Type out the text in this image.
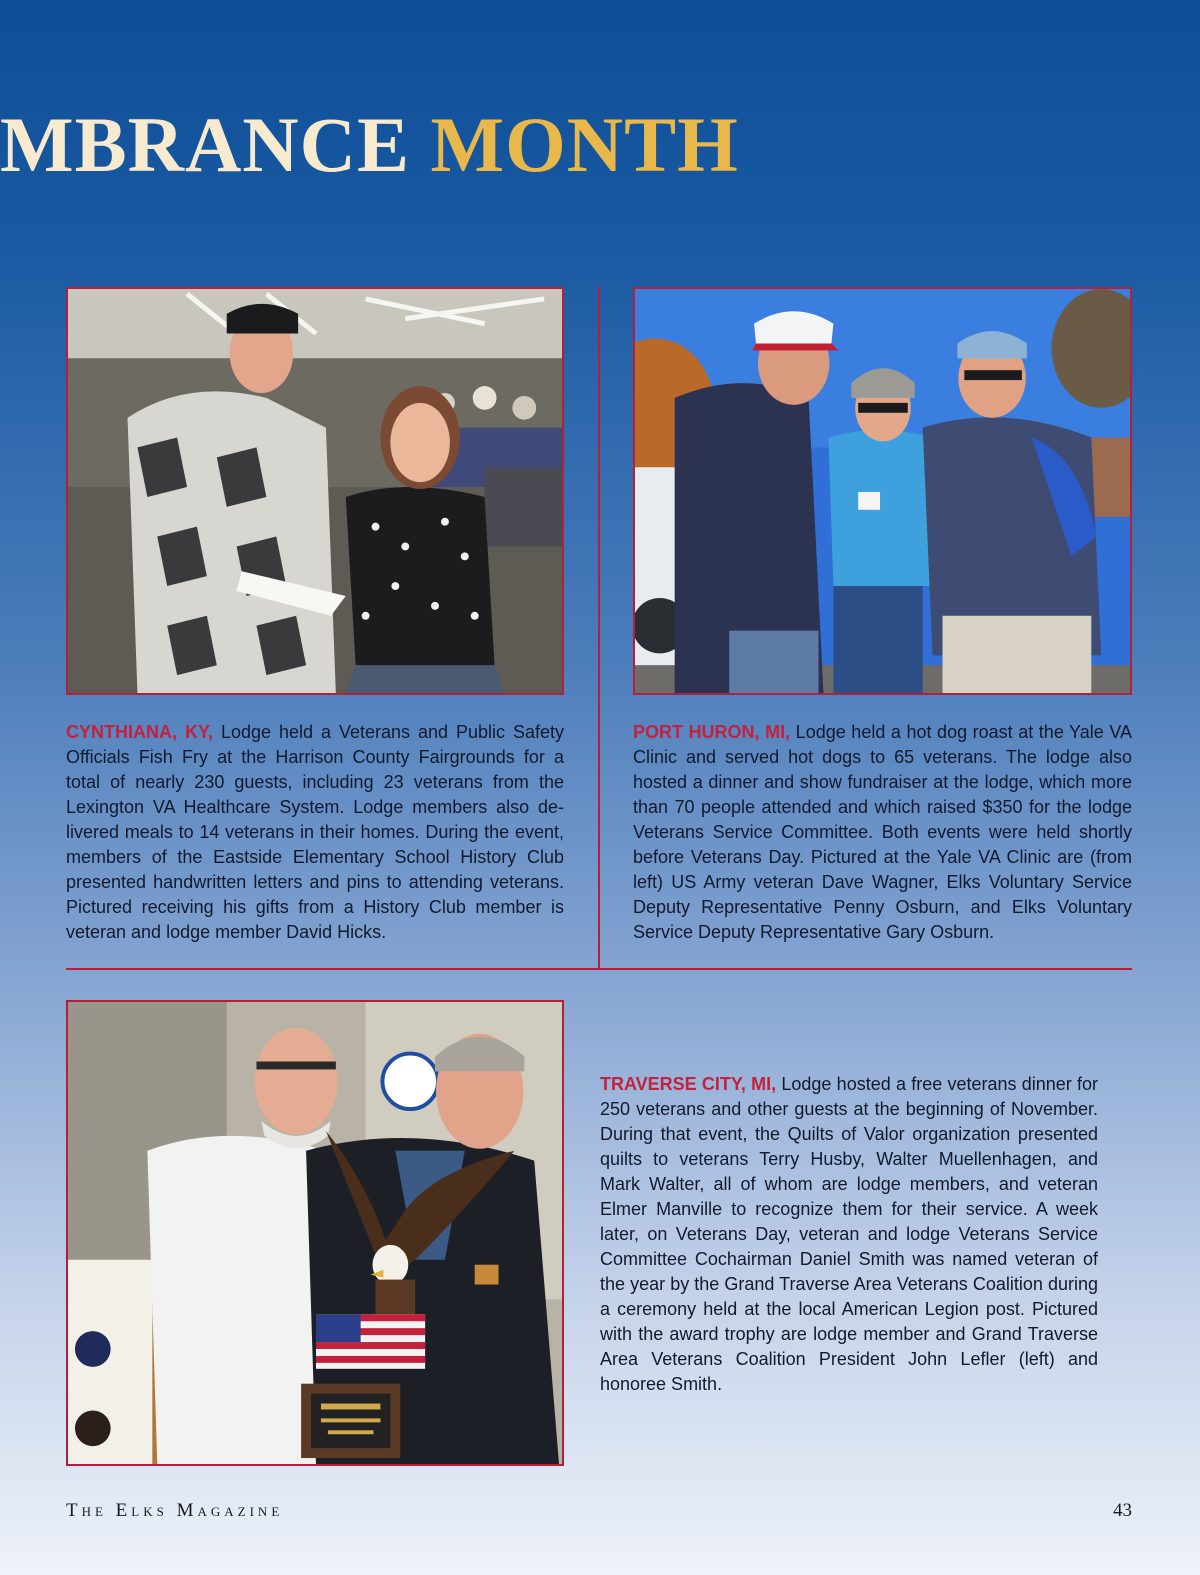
MBRANCE MONTH

CYNTHIANA, KY, Lodge held a Veterans and Public Safety Officials Fish Fry at the Harrison County Fairgrounds for a total of nearly 230 guests, including 23 veterans from the Lexington VA Healthcare System. Lodge members also delivered meals to 14 veterans in their homes. During the event, members of the Eastside Elementary School History Club presented handwritten letters and pins to attending veterans. Pictured receiving his gifts from a History Club member is veteran and lodge member David Hicks.

PORT HURON, MI, Lodge held a hot dog roast at the Yale VA Clinic and served hot dogs to 65 veterans. The lodge also hosted a dinner and show fundraiser at the lodge, which more than 70 people attended and which raised $350 for the lodge Veterans Service Committee. Both events were held shortly before Veterans Day. Pictured at the Yale VA Clinic are (from left) US Army veteran Dave Wagner, Elks Voluntary Service Deputy Representative Penny Osburn, and Elks Voluntary Service Deputy Representative Gary Osburn.

TRAVERSE CITY, MI, Lodge hosted a free veterans dinner for 250 veterans and other guests at the beginning of November. During that event, the Quilts of Valor organization presented quilts to veterans Terry Husby, Walter Muellenhagen, and Mark Walter, all of whom are lodge members, and veteran Elmer Manville to recognize them for their service. A week later, on Veterans Day, veteran and lodge Veterans Service Committee Cochairman Daniel Smith was named veteran of the year by the Grand Traverse Area Veterans Coalition during a ceremony held at the local American Legion post. Pictured with the award trophy are lodge member and Grand Traverse Area Veterans Coalition President John Lefler (left) and honoree Smith.

The Elks Magazine	43
